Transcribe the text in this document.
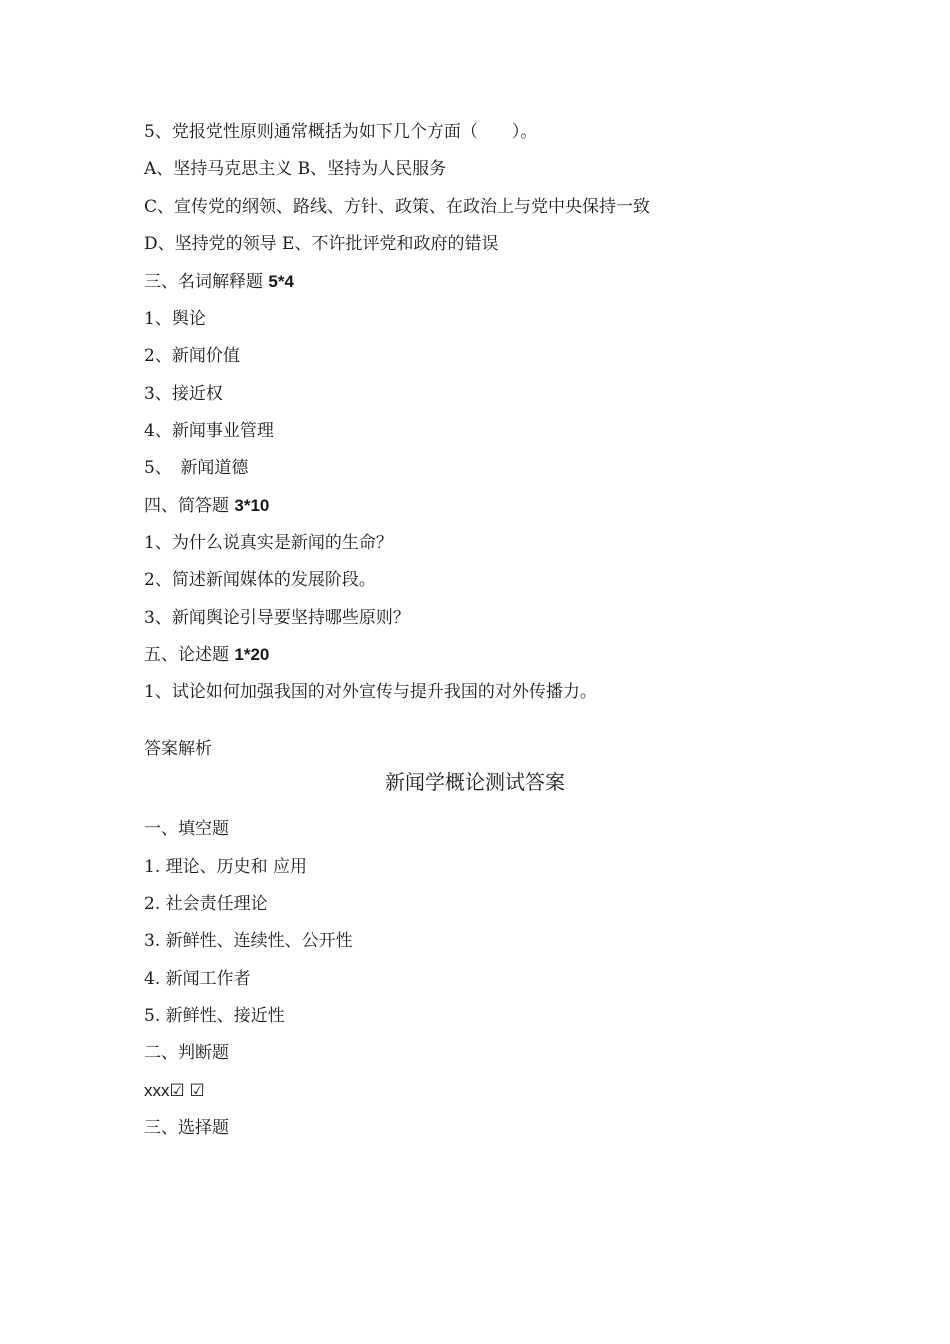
5、党报党性原则通常概括为如下几个方面（　　）。
A、坚持马克思主义 B、坚持为人民服务
C、宣传党的纲领、路线、方针、政策、在政治上与党中央保持一致
D、坚持党的领导 E、不许批评党和政府的错误
三、名词解释题 5*4
1、舆论
2、新闻价值
3、接近权
4、新闻事业管理
5、　新闻道德
四、简答题 3*10
1、为什么说真实是新闻的生命？
2、简述新闻媒体的发展阶段。
3、新闻舆论引导要坚持哪些原则？
五、论述题 1*20
1、试论如何加强我国的对外宣传与提升我国的对外传播力。
答案解析
新闻学概论测试答案
一、填空题
1. 理论、历史和 应用
2. 社会责任理论
3. 新鲜性、连续性、公开性
4. 新闻工作者
5. 新鲜性、接近性
二、判断题
xxx☑ ☑
三、选择题
